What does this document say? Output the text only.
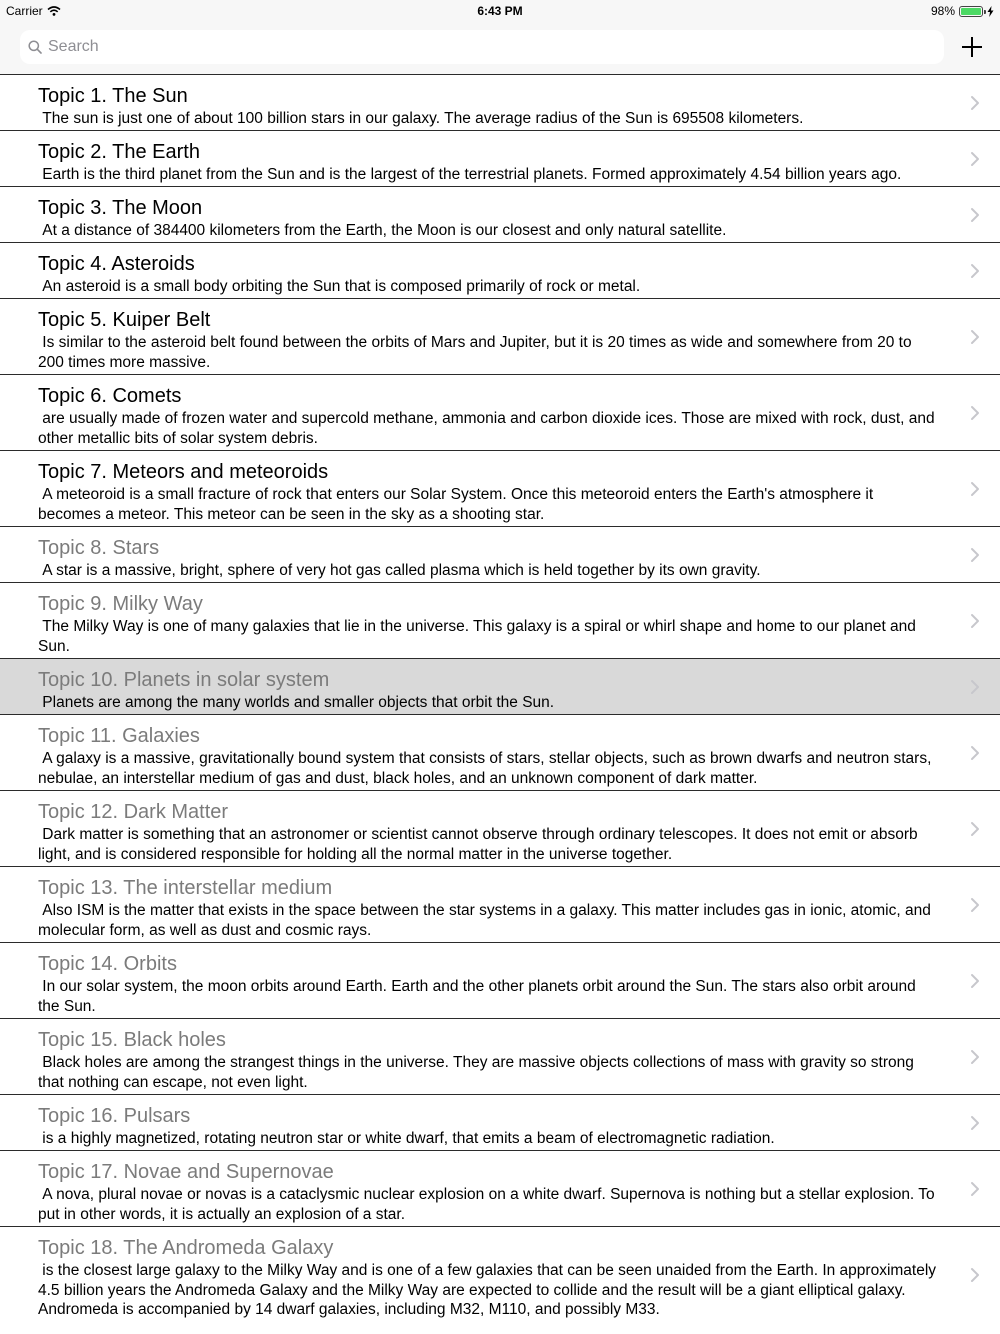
Carrier	6:43 PM	98%
Search
Topic 1. The Sun
The sun is just one of about 100 billion stars in our galaxy. The average radius of the Sun is 695508 kilometers.
Topic 2. The Earth
Earth is the third planet from the Sun and is the largest of the terrestrial planets. Formed approximately 4.54 billion years ago.
Topic 3. The Moon
At a distance of 384400 kilometers from the Earth, the Moon is our closest and only natural satellite.
Topic 4. Asteroids
An asteroid is a small body orbiting the Sun that is composed primarily of rock or metal.
Topic 5. Kuiper Belt
Is similar to the asteroid belt found between the orbits of Mars and Jupiter, but it is 20 times as wide and somewhere from 20 to 200 times more massive.
Topic 6. Comets
are usually made of frozen water and supercold methane, ammonia and carbon dioxide ices. Those are mixed with rock, dust, and other metallic bits of solar system debris.
Topic 7. Meteors and meteoroids
A meteoroid is a small fracture of rock that enters our Solar System. Once this meteoroid enters the Earth's atmosphere it becomes a meteor. This meteor can be seen in the sky as a shooting star.
Topic 8. Stars
A star is a massive, bright, sphere of very hot gas called plasma which is held together by its own gravity.
Topic 9. Milky Way
The Milky Way is one of many galaxies that lie in the universe. This galaxy is a spiral or whirl shape and home to our planet and Sun.
Topic 10. Planets in solar system
Planets are among the many worlds and smaller objects that orbit the Sun.
Topic 11. Galaxies
A galaxy is a massive, gravitationally bound system that consists of stars, stellar objects, such as brown dwarfs and neutron stars, nebulae, an interstellar medium of gas and dust, black holes, and an unknown component of dark matter.
Topic 12. Dark Matter
Dark matter is something that an astronomer or scientist cannot observe through ordinary telescopes. It does not emit or absorb light, and is considered responsible for holding all the normal matter in the universe together.
Topic 13. The interstellar medium
Also ISM is the matter that exists in the space between the star systems in a galaxy. This matter includes gas in ionic, atomic, and molecular form, as well as dust and cosmic rays.
Topic 14. Orbits
In our solar system, the moon orbits around Earth. Earth and the other planets orbit around the Sun. The stars also orbit around the Sun.
Topic 15. Black holes
Black holes are among the strangest things in the universe. They are massive objects collections of mass with gravity so strong that nothing can escape, not even light.
Topic 16. Pulsars
is a highly magnetized, rotating neutron star or white dwarf, that emits a beam of electromagnetic radiation.
Topic 17. Novae and Supernovae
A nova, plural novae or novas is a cataclysmic nuclear explosion on a white dwarf. Supernova is nothing but a stellar explosion. To put in other words, it is actually an explosion of a star.
Topic 18. The Andromeda Galaxy
is the closest large galaxy to the Milky Way and is one of a few galaxies that can be seen unaided from the Earth. In approximately 4.5 billion years the Andromeda Galaxy and the Milky Way are expected to collide and the result will be a giant elliptical galaxy. Andromeda is accompanied by 14 dwarf galaxies, including M32, M110, and possibly M33.
